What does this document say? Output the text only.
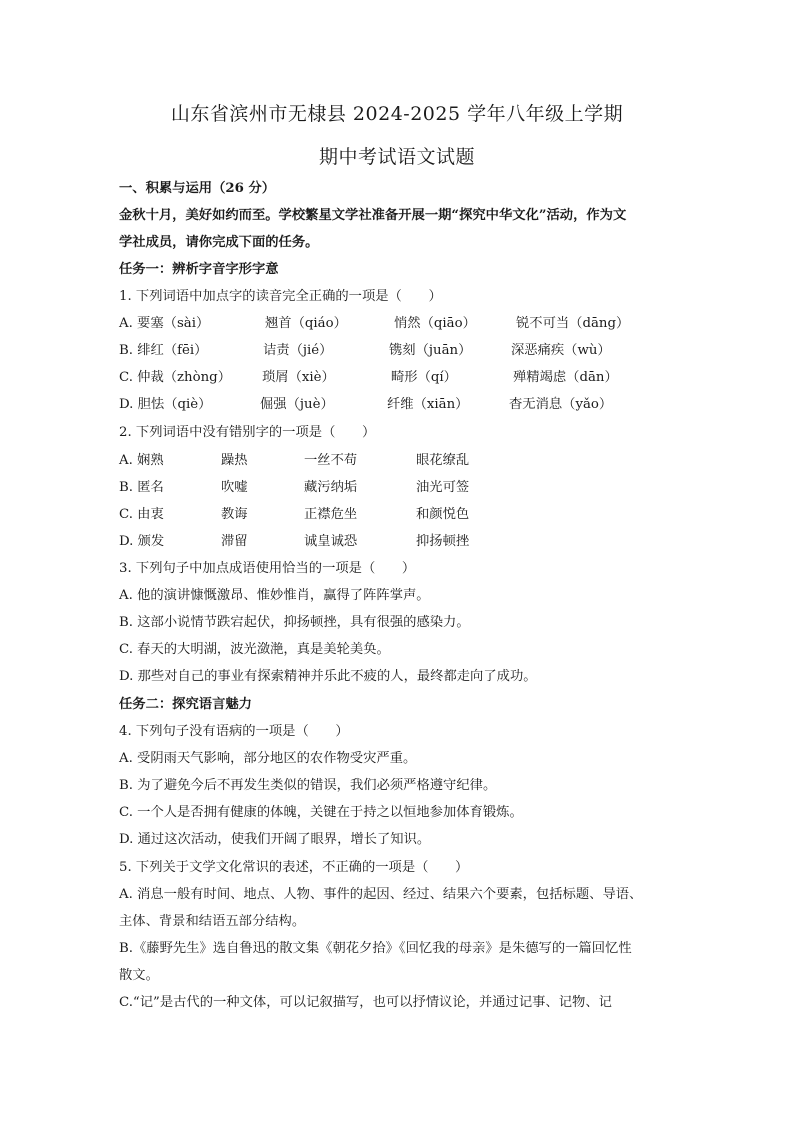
山东省滨州市无棣县 2024-2025 学年八年级上学期
期中考试语文试题
一、积累与运用（26 分）
金秋十月，美好如约而至。学校繁星文学社准备开展一期“探究中华文化”活动，作为文
学社成员，请你完成下面的任务。
任务一：辨析字音字形字意
1. 下列词语中加点字的读音完全正确的一项是（　　）
A. 要塞（sài）	翘首（qiáo）	悄然（qiāo）	锐不可当（dāng）
B. 绯红（fēi）	诘责（jié）	镌刻（juān）	深恶痛疾（wù）
C. 仲裁（zhòng） 琐屑（xiè）	畸形（qí）	殚精竭虑（dān）
D. 胆怯（qiè）	倔强（juè）	纤维（xiān）	杳无消息（yǎo）
2. 下列词语中没有错别字的一项是（　　）
A. 娴熟	躁热	一丝不苟	眼花缭乱
B. 匿名	吹嘘	藏污纳垢	油光可签
C. 由衷	教诲	正襟危坐	和颜悦色
D. 颁发	滞留	诚皇诚恐	抑扬顿挫
3. 下列句子中加点成语使用恰当的一项是（　　）
A. 他的演讲慷慨激昂、惟妙惟肖，赢得了阵阵掌声。
B. 这部小说情节跌宕起伏，抑扬顿挫，具有很强的感染力。
C. 春天的大明湖，波光潋滟，真是美轮美奂。
D. 那些对自己的事业有探索精神并乐此不疲的人，最终都走向了成功。
任务二：探究语言魅力
4. 下列句子没有语病的一项是（　　）
A. 受阴雨天气影响，部分地区的农作物受灾严重。
B. 为了避免今后不再发生类似的错误，我们必须严格遵守纪律。
C. 一个人是否拥有健康的体魄，关键在于持之以恒地参加体育锻炼。
D. 通过这次活动，使我们开阔了眼界，增长了知识。
5. 下列关于文学文化常识的表述，不正确的一项是（　　）
A. 消息一般有时间、地点、人物、事件的起因、经过、结果六个要素，包括标题、导语、
主体、背景和结语五部分结构。
B.《藤野先生》选自鲁迅的散文集《朝花夕拾》《回忆我的母亲》是朱德写的一篇回忆性
散文。
C.“记”是古代的一种文体，可以记叙描写，也可以抒情议论，并通过记事、记物、记
